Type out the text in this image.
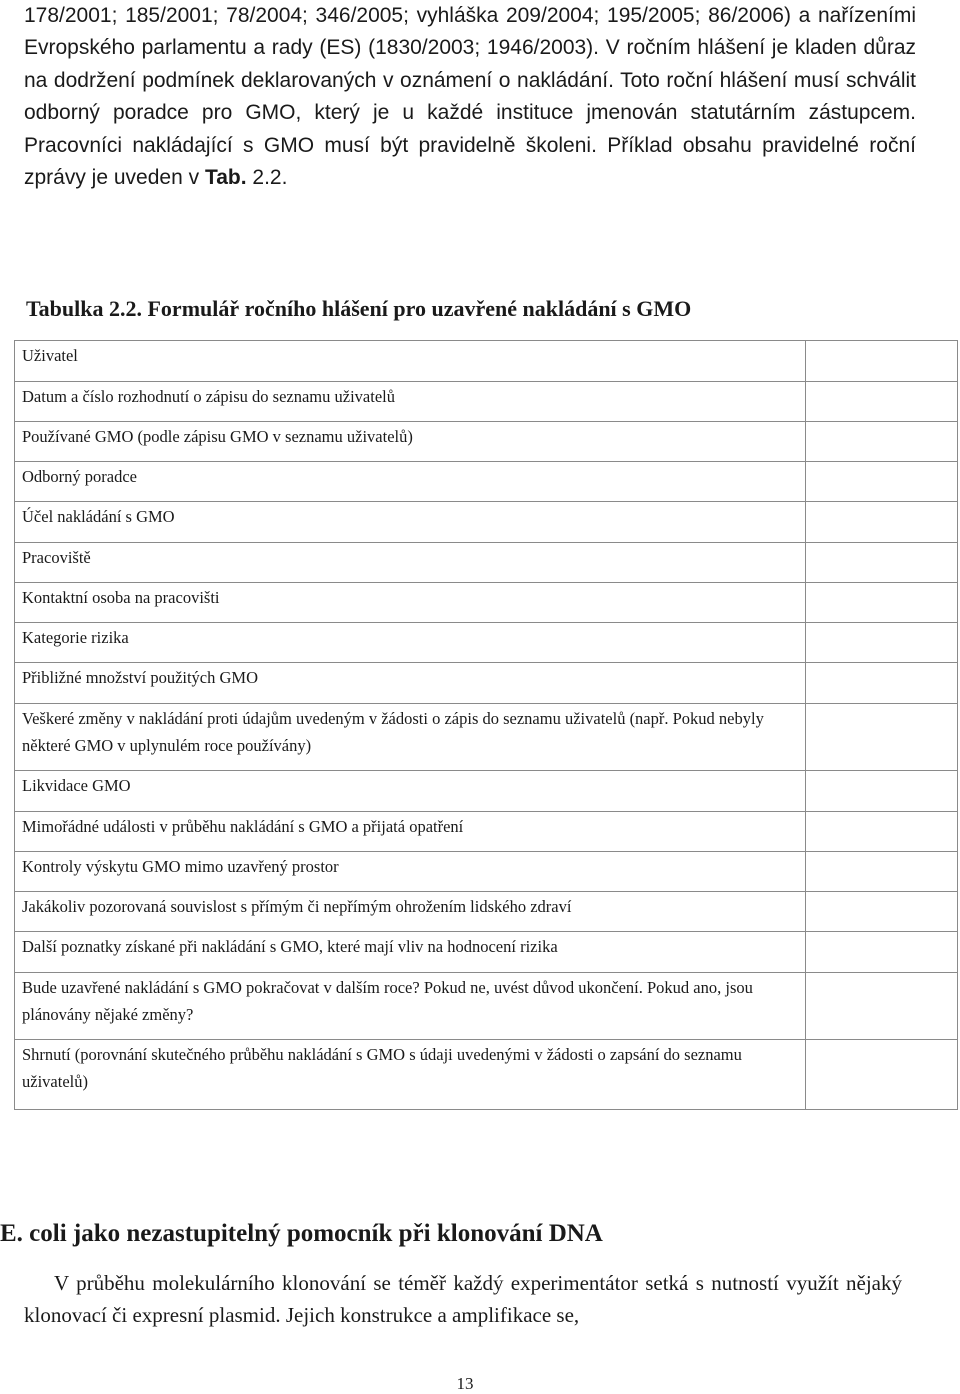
178/2001; 185/2001; 78/2004; 346/2005; vyhláška 209/2004; 195/2005; 86/2006) a nařízeními Evropského parlamentu a rady (ES) (1830/2003; 1946/2003). V ročním hlášení je kladen důraz na dodržení podmínek deklarovaných v oznámení o nakládání. Toto roční hlášení musí schválit odborný poradce pro GMO, který je u každé instituce jmenován statutárním zástupcem. Pracovníci nakládající s GMO musí být pravidelně školeni. Příklad obsahu pravidelné roční zprávy je uveden v Tab. 2.2.
Tabulka 2.2. Formulář ročního hlášení pro uzavřené nakládání s GMO
Uživatel	
Datum a číslo rozhodnutí o zápisu do seznamu uživatelů	
Používané GMO (podle zápisu GMO v seznamu uživatelů)	
Odborný poradce	
Účel nakládání s GMO	
Pracoviště	
Kontaktní osoba na pracovišti	
Kategorie rizika	
Přibližné množství použitých GMO	
Veškeré změny v nakládání proti údajům uvedeným v žádosti o zápis do seznamu uživatelů (např. Pokud nebyly některé GMO v uplynulém roce používány)	
Likvidace GMO	
Mimořádné události v průběhu nakládání s GMO a přijatá opatření	
Kontroly výskytu GMO mimo uzavřený prostor	
Jakákoliv pozorovaná souvislost s přímým či nepřímým ohrožením lidského zdraví	
Další poznatky získané při nakládání s GMO, které mají vliv na hodnocení rizika	
Bude uzavřené nakládání s GMO pokračovat v dalším roce? Pokud ne, uvést důvod ukončení. Pokud ano, jsou plánovány nějaké změny?	
Shrnutí (porovnání skutečného průběhu nakládání s GMO s údaji uvedenými v žádosti o zapsání do seznamu uživatelů)	
E. coli jako nezastupitelný pomocník při klonování DNA
V průběhu molekulárního klonování se téměř každý experimentátor setká s nutností využít nějaký klonovací či expresní plasmid. Jejich konstrukce a amplifikace se,
13
